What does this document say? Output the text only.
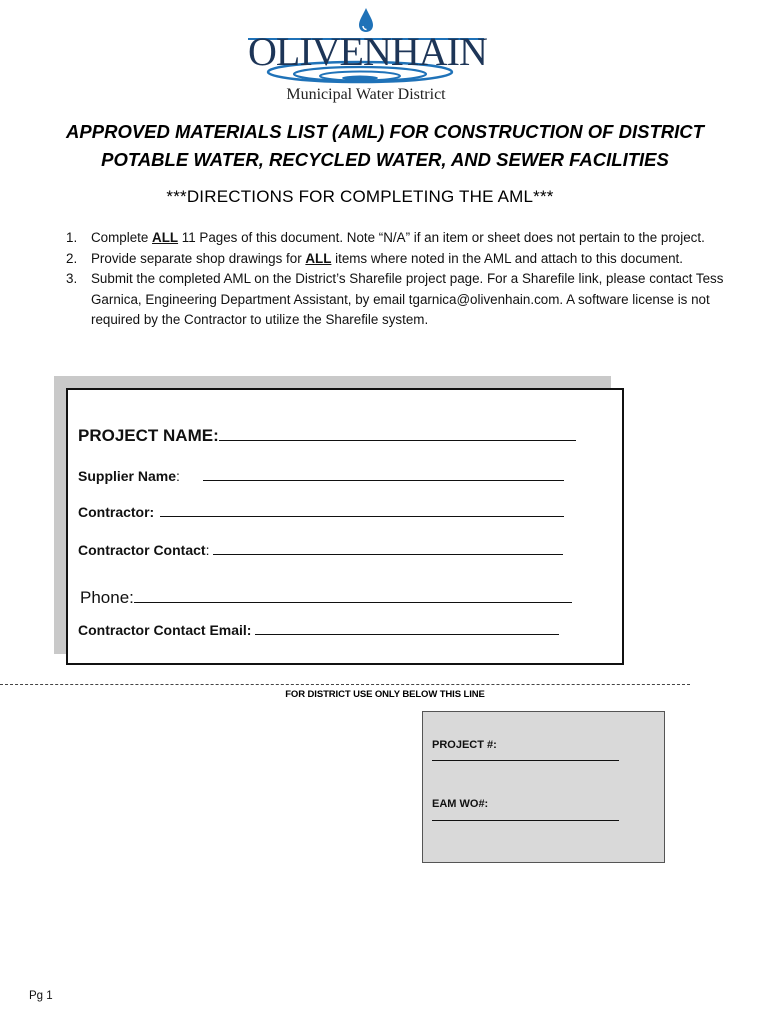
OLIVENHAIN
Municipal Water District
APPROVED MATERIALS LIST (AML) FOR CONSTRUCTION OF DISTRICT
POTABLE WATER, RECYCLED WATER, AND SEWER FACILITIES
***DIRECTIONS FOR COMPLETING THE AML***
1. Complete ALL 11 Pages of this document. Note “N/A” if an item or sheet does not pertain to the project.
2. Provide separate shop drawings for ALL items where noted in the AML and attach to this document.
3. Submit the completed AML on the District’s Sharefile project page. For a Sharefile link, please contact Tess Garnica, Engineering Department Assistant, by email tgarnica@olivenhain.com. A software license is not required by the Contractor to utilize the Sharefile system.
PROJECT NAME:
Supplier Name:
Contractor:
Contractor Contact:
Phone:
Contractor Contact Email:
FOR DISTRICT USE ONLY BELOW THIS LINE
PROJECT #:
EAM WO#:
Pg 1
